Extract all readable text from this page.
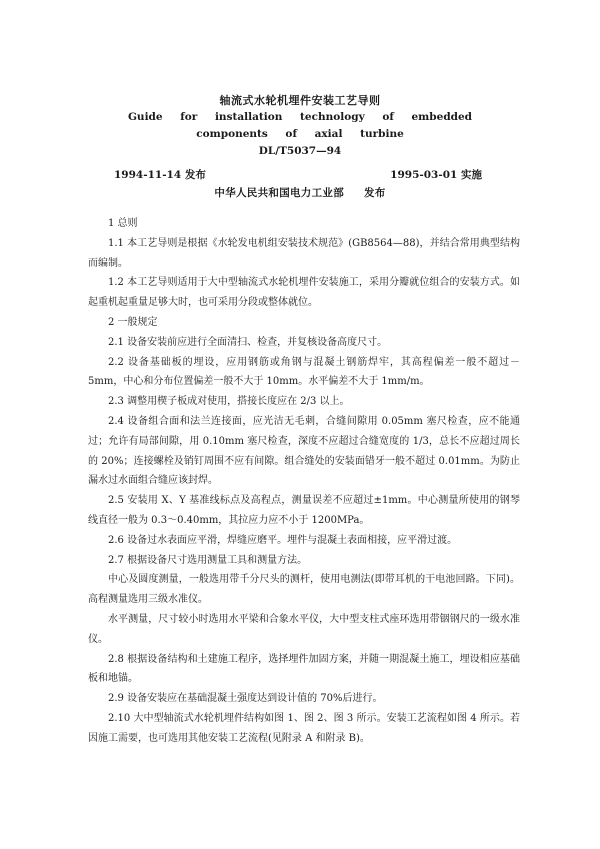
轴流式水轮机埋件安装工艺导则
Guide for installation technology of embedded
components of axial turbine
DL/T5037—94
1994-11-14 发布	1995-03-01 实施
中华人民共和国电力工业部 发布

1 总则

1.1 本工艺导则是根据《水轮发电机组安装技术规范》(GB8564—88)，并结合常用典型结构而编制。

1.2 本工艺导则适用于大中型轴流式水轮机埋件安装施工，采用分瓣就位组合的安装方式。如起重机起重量足够大时，也可采用分段或整体就位。

2 一般规定

2.1 设备安装前应进行全面清扫、检查，并复核设备高度尺寸。

2.2 设备基础板的埋设，应用钢筋或角钢与混凝土钢筋焊牢，其高程偏差一般不超过－5mm，中心和分布位置偏差一般不大于 10mm。水平偏差不大于 1mm/m。

2.3 调整用楔子板成对使用，搭接长度应在 2/3 以上。

2.4 设备组合面和法兰连接面，应光洁无毛刺，合缝间隙用 0.05mm 塞尺检查，应不能通过；允许有局部间隙，用 0.10mm 塞尺检查，深度不应超过合缝宽度的 1/3，总长不应超过周长的 20%；连接螺栓及销钉周围不应有间隙。组合缝处的安装面错牙一般不超过 0.01mm。为防止漏水过水面组合缝应该封焊。

2.5 安装用 X、Y 基准线标点及高程点，测量误差不应超过±1mm。中心测量所使用的钢琴线直径一般为 0.3～0.40mm，其拉应力应不小于 1200MPa。

2.6 设备过水表面应平滑，焊缝应磨平。埋件与混凝土表面相接，应平滑过渡。

2.7 根据设备尺寸选用测量工具和测量方法。

中心及圆度测量，一般选用带千分尺头的测杆，使用电测法(即带耳机的干电池回路。下同)。高程测量选用三级水准仪。

水平测量，尺寸较小时选用水平梁和合象水平仪，大中型支柱式座环选用带铟钢尺的一级水准仪。

2.8 根据设备结构和土建施工程序，选择埋件加固方案，并随一期混凝土施工，埋设相应基础板和地锚。

2.9 设备安装应在基础混凝土强度达到设计值的 70%后进行。

2.10 大中型轴流式水轮机埋件结构如图 1、图 2、图 3 所示。安装工艺流程如图 4 所示。若因施工需要，也可选用其他安装工艺流程(见附录 A 和附录 B)。
